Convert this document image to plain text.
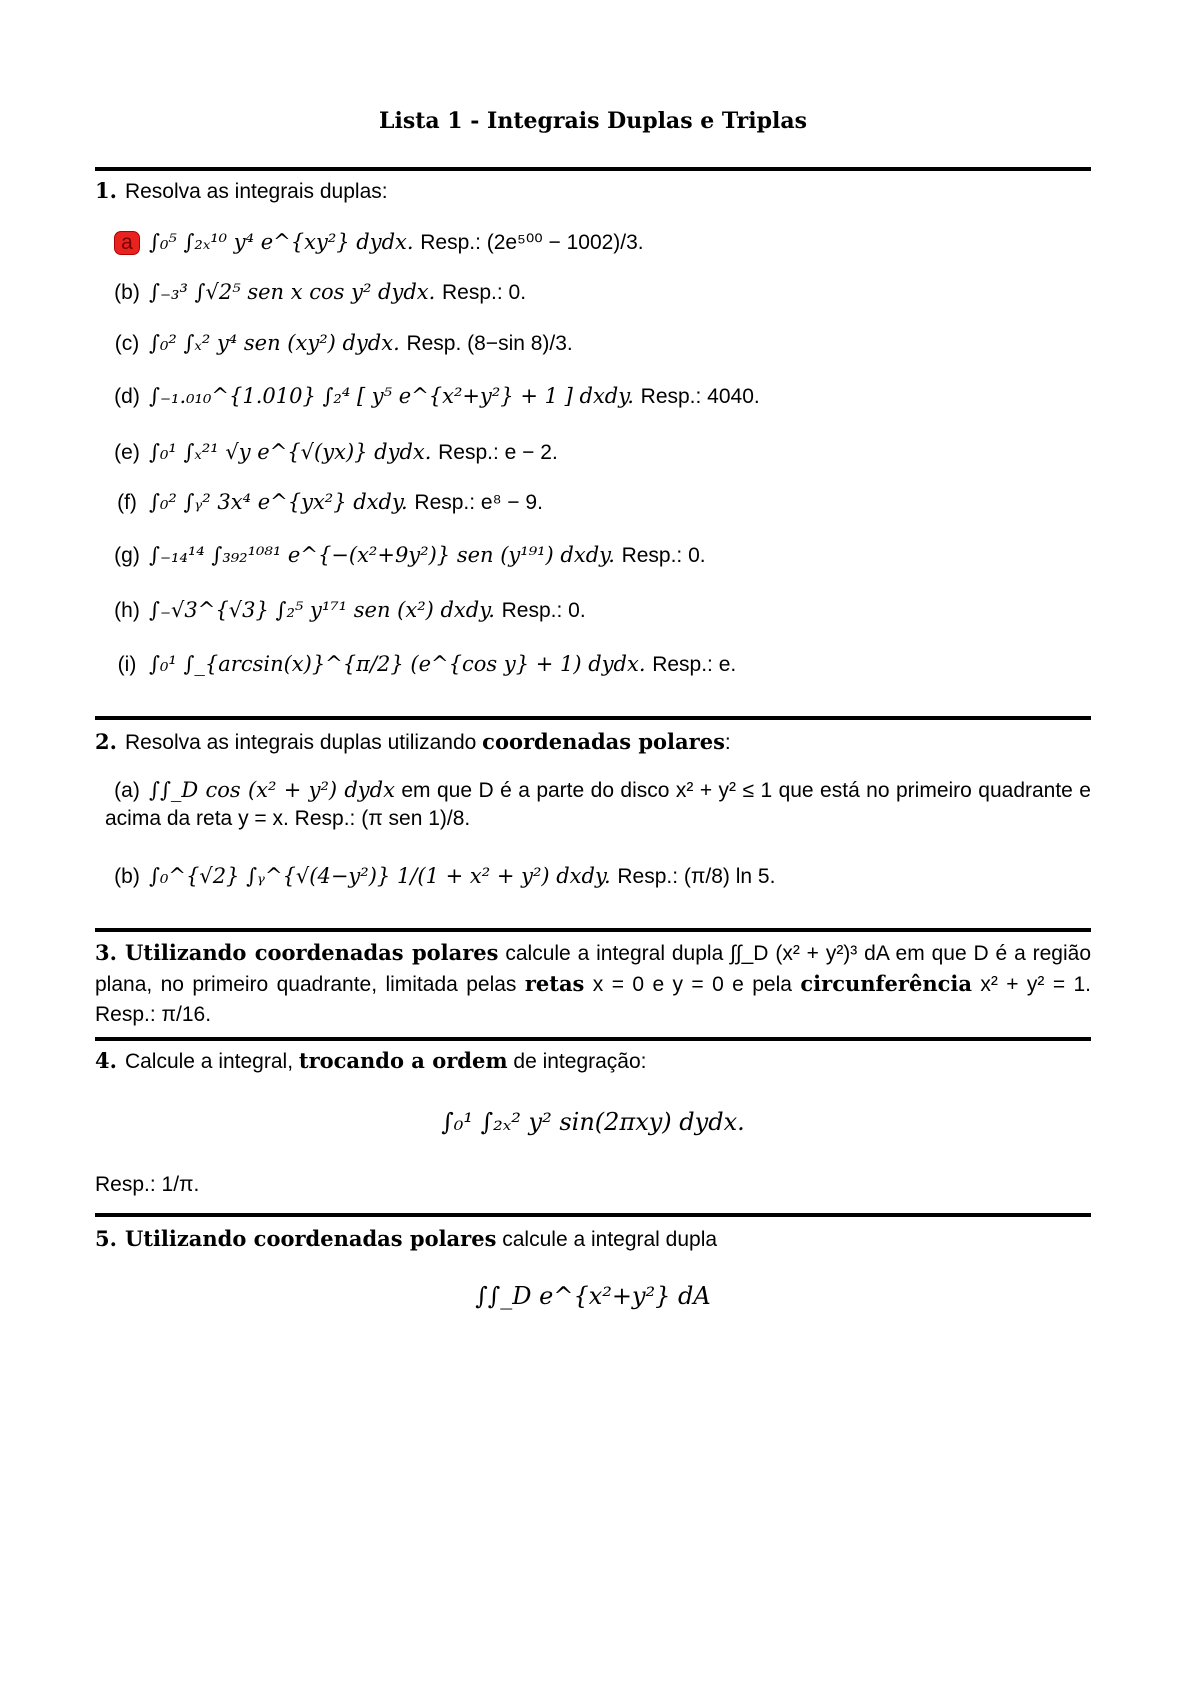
Lista 1 - Integrais Duplas e Triplas
1. Resolva as integrais duplas:
a ∫₀⁵ ∫₂ₓ¹⁰ y⁴ e^{xy²} dydx. Resp.: (2e⁵⁰⁰ − 1002)/3.
(b) ∫₋₃³ ∫√2⁵ sen x cos y² dydx. Resp.: 0.
(c) ∫₀² ∫ₓ² y⁴ sen (xy²) dydx. Resp. (8−sin 8)/3.
(d) ∫₋₁.₀₁₀^{1.010} ∫₂⁴ [ y⁵ e^{x²+y²} + 1 ] dxdy. Resp.: 4040.
(e) ∫₀¹ ∫ₓ²¹ √y e^{√(yx)} dydx. Resp.: e − 2.
(f) ∫₀² ∫ᵧ² 3x⁴ e^{yx²} dxdy. Resp.: e⁸ − 9.
(g) ∫₋₁₄¹⁴ ∫₃₉₂¹⁰⁸¹ e^{−(x²+9y²)} sen (y¹⁹¹) dxdy. Resp.: 0.
(h) ∫₋√3^{√3} ∫₂⁵ y¹⁷¹ sen (x²) dxdy. Resp.: 0.
(i) ∫₀¹ ∫_{arcsin(x)}^{π/2} (e^{cos y} + 1) dydx. Resp.: e.
2. Resolva as integrais duplas utilizando coordenadas polares:
(a) ∫∫_D cos (x² + y²) dydx em que D é a parte do disco x² + y² ≤ 1 que está no primeiro quadrante e acima da reta y = x. Resp.: (π sen 1)/8.
(b) ∫₀^{√2} ∫ᵧ^{√(4−y²)} 1/(1 + x² + y²) dxdy. Resp.: (π/8) ln 5.
3. Utilizando coordenadas polares calcule a integral dupla ∫∫_D (x² + y²)³ dA em que D é a região plana, no primeiro quadrante, limitada pelas retas x = 0 e y = 0 e pela circunferência x² + y² = 1. Resp.: π/16.
4. Calcule a integral, trocando a ordem de integração:
∫₀¹ ∫₂ₓ² y² sin(2πxy) dydx.
Resp.: 1/π.
5. Utilizando coordenadas polares calcule a integral dupla
∫∫_D e^{x²+y²} dA
